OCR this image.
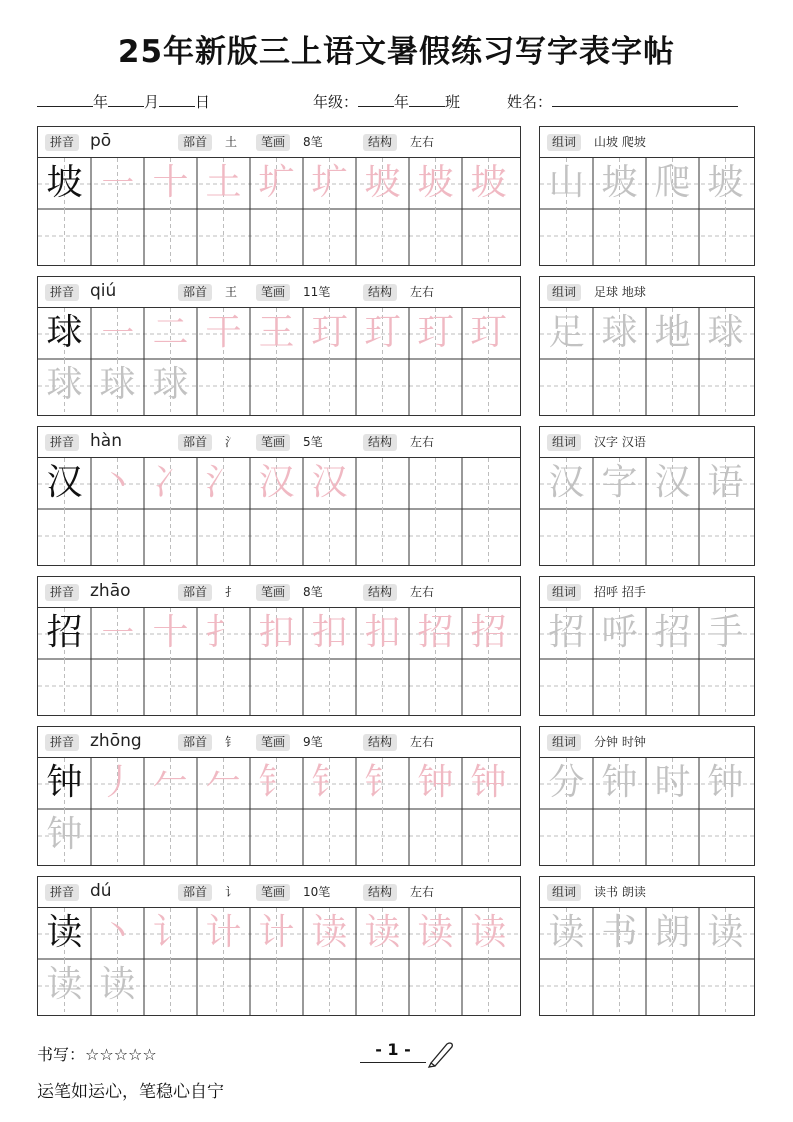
25年新版三上语文暑假练习写字表字帖
年 月 日	年级： 年 班	姓名：
拼音 pō	部首	土	笔画	8笔	结构	左右
坡 ㇐ 十 土 圹 圹 坡 坡 坡
组词	山坡 爬坡
山 坡 爬 坡
拼音 qiú	部首	王	笔画	11笔	结构	左右
球 ㇐ 二 干 王 玎 玎 玎 玎
球 球 球
组词	足球 地球
足 球 地 球
拼音 hàn	部首	氵	笔画	5笔	结构	左右
汉 丶 冫 氵 汉 汉
组词	汉字 汉语
汉 字 汉 语
拼音 zhāo	部首	扌	笔画	8笔	结构	左右
招 ㇐ 十 扌 扣 扣 扣 招 招
组词	招呼 招手
招 呼 招 手
拼音 zhōng	部首	钅	笔画	9笔	结构	左右
钟 丿 𠂉 𠂉 钅 钅 钅 钟 钟
钟
组词	分钟 时钟
分 钟 时 钟
拼音 dú	部首	讠	笔画	10笔	结构	左右
读 丶 讠 计 计 读 读 读 读
读 读
组词	读书 朗读
读 书 朗 读
书写：☆☆☆☆☆	- 1 -
运笔如运心，笔稳心自宁
